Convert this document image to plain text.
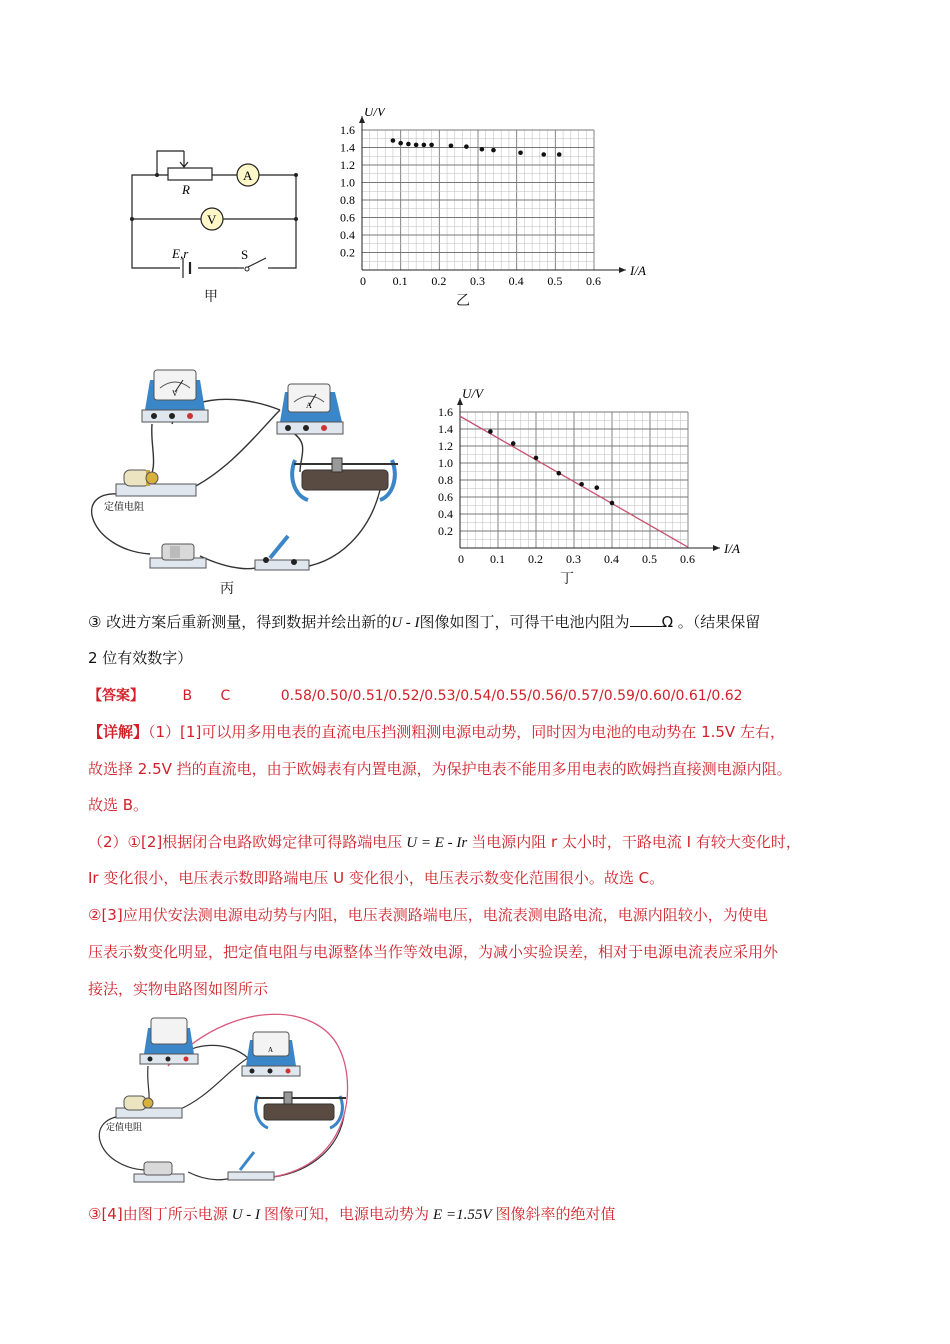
A
V
R
E,r	S
甲
0.1 0.2 0.3 0.4 0.5 0.6
1.6
1.4
1.2
1.0
0.8
0.6
0.4
0.2
0
I/A
U/V
乙
V
A
定值电阻
丙
0.1 0.2 0.3 0.4 0.5 0.6
1.6
1.4
1.2
1.0
0.8
0.6
0.4
0.2
0
I/A
U/V
丁
③ 改进方案后重新测量，得到数据并绘出新的U - I图像如图丁，可得干电池内阻为 Ω 。（结果保留
2 位有效数字）
【答案】	B C	0.58/0.50/0.51/0.52/0.53/0.54/0.55/0.56/0.57/0.59/0.60/0.61/0.62
【详解】（1）[1]可以用多用电表的直流电压挡测粗测电源电动势，同时因为电池的电动势在 1.5V 左右，
故选择 2.5V 挡的直流电，由于欧姆表有内置电源，为保护电表不能用多用电表的欧姆挡直接测电源内阻。
故选 B。
（2）①[2]根据闭合电路欧姆定律可得路端电压 U = E - Ir 当电源内阻 r 太小时，干路电流 I 有较大变化时，
Ir 变化很小，电压表示数即路端电压 U 变化很小，电压表示数变化范围很小。故选 C。
②[3]应用伏安法测电源电动势与内阻，电压表测路端电压，电流表测电路电流，电源内阻较小，为使电
压表示数变化明显，把定值电阻与电源整体当作等效电源，为减小实验误差，相对于电源电流表应采用外
接法，实物电路图如图所示
A
定值电阻
③[4]由图丁所示电源 U - I 图像可知，电源电动势为 E =1.55V 图像斜率的绝对值
